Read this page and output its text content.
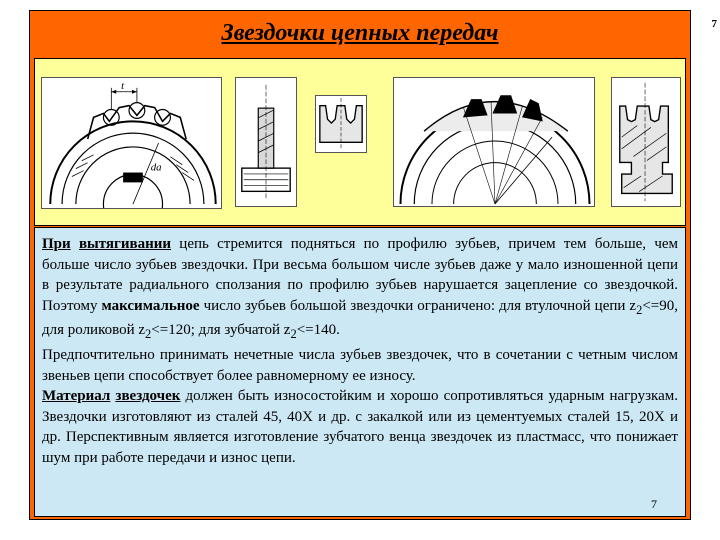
7
Звездочки цепных передач
t
da

При вытягивании цепь стремится подняться по профилю зубьев, причем тем больше, чем больше число зубьев звездочки. При весьма большом числе зубьев даже у мало изношенной цепи в результате радиального сползания по профилю зубьев нарушается зацепление со звездочкой. Поэтому максимальное число зубьев большой звездочки ограничено: для втулочной цепи $z_2<=90$, для роликовой $z_2<=120$; для зубчатой $z_2<=140$.

Предпочтительно принимать нечетные числа зубьев звездочек, что в сочетании с четным числом звеньев цепи способствует более равномерному ее износу.

Материал звездочек должен быть износостойким и хорошо сопротивляться ударным нагрузкам. Звездочки изготовляют из сталей 45, 40Х и др. с закалкой или из цементуемых сталей 15, 20Х и др. Перспективным является изготовление зубчатого венца звездочек из пластмасс, что понижает шум при работе передачи и износ цепи.

7
